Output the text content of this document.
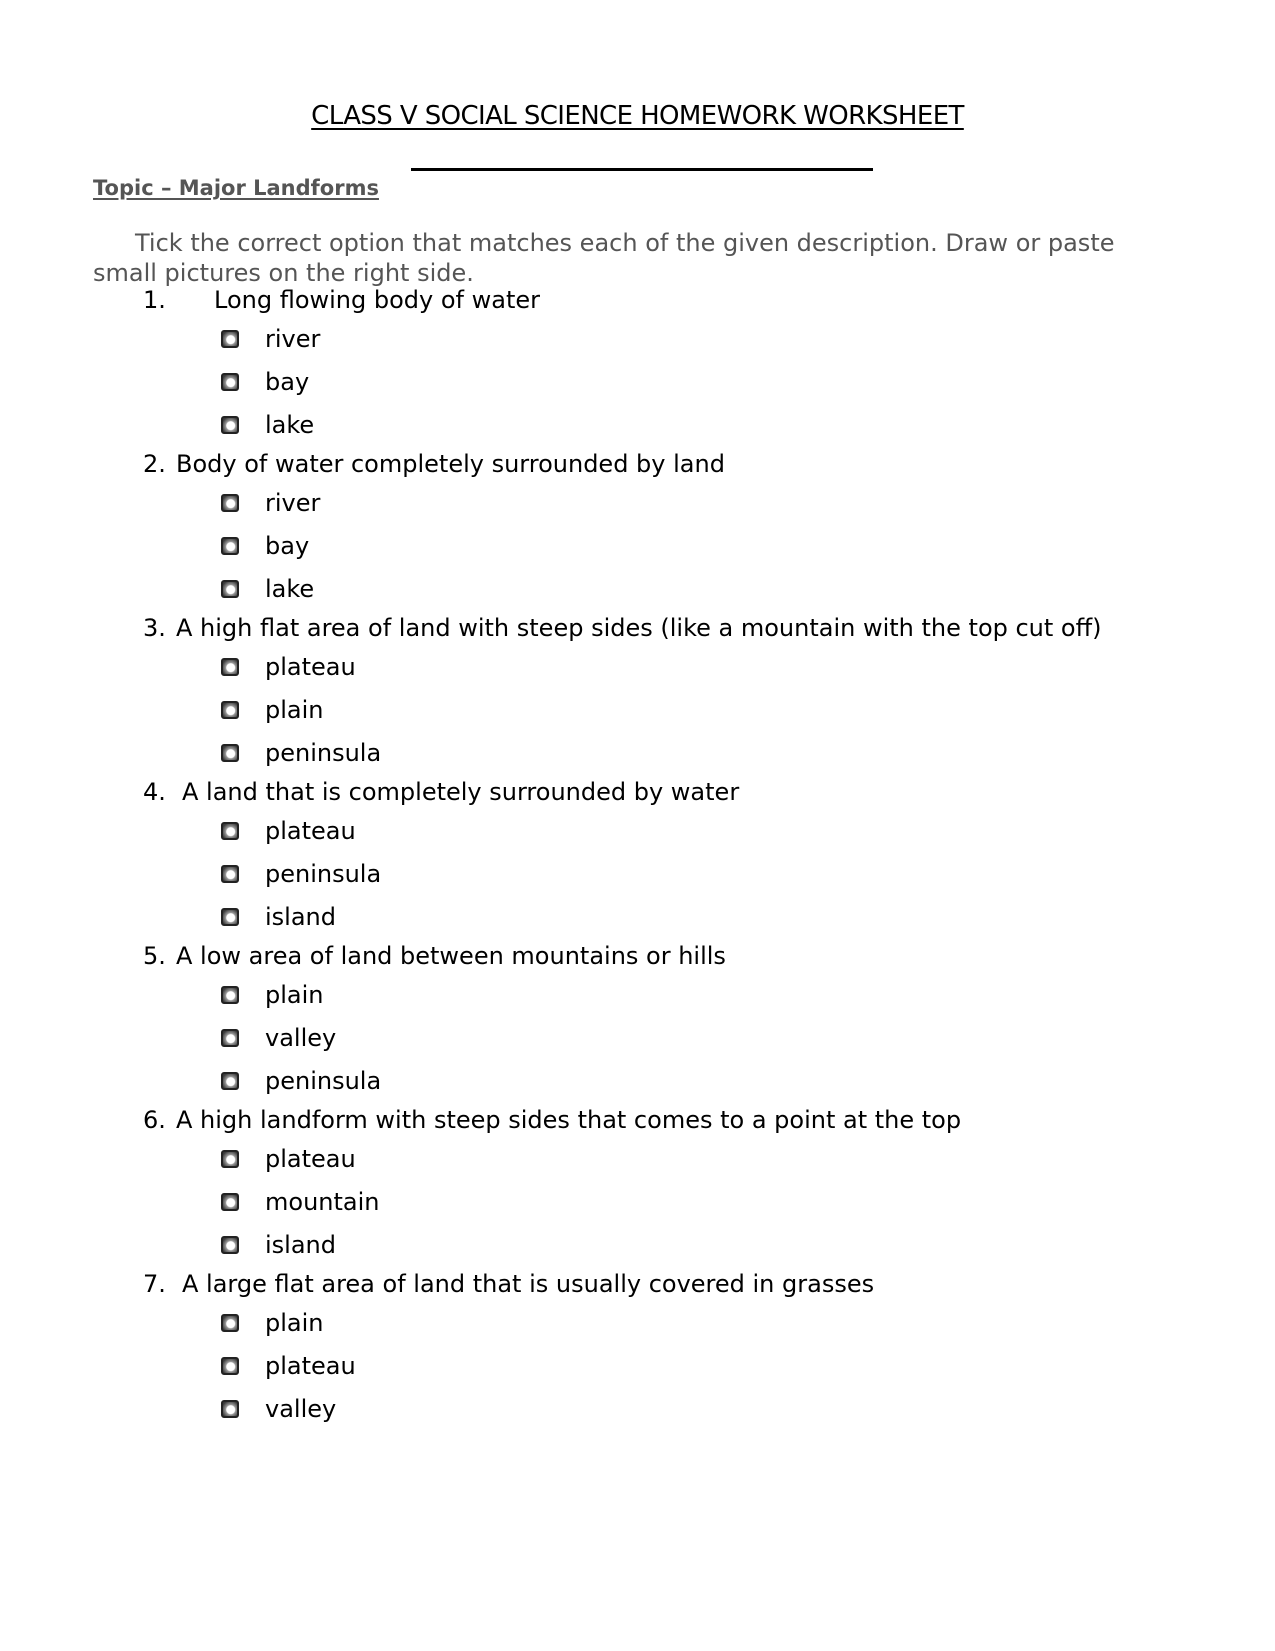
CLASS V SOCIAL SCIENCE HOMEWORK WORKSHEET
Topic – Major Landforms
Tick the correct option that matches each of the given description. Draw or paste small pictures on the right side.
1. Long flowing body of water
river
bay
lake
2. Body of water completely surrounded by land
river
bay
lake
3. A high flat area of land with steep sides (like a mountain with the top cut off)
plateau
plain
peninsula
4. A land that is completely surrounded by water
plateau
peninsula
island
5. A low area of land between mountains or hills
plain
valley
peninsula
6. A high landform with steep sides that comes to a point at the top
plateau
mountain
island
7. A large flat area of land that is usually covered in grasses
plain
plateau
valley
